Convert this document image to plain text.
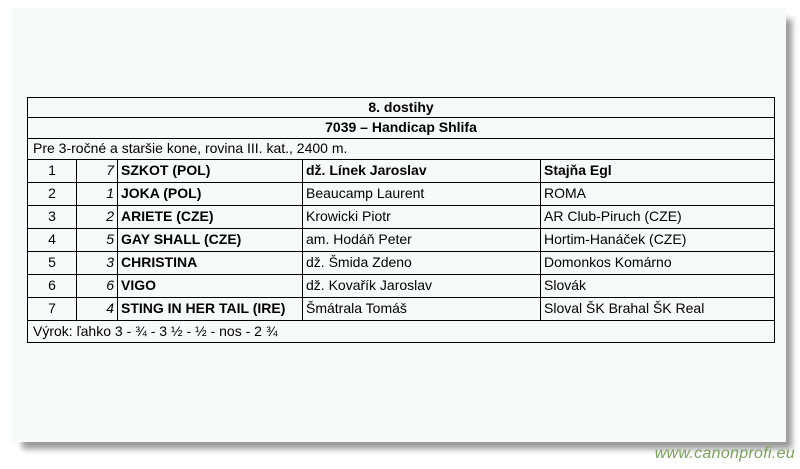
8. dostihy				
7039 – Handicap Shlifa				
Pre 3-ročné a staršie kone, rovina III. kat., 2400 m.				
1	7	SZKOT (POL)	dž. Línek Jaroslav	Stajňa Egl
2	1	JOKA (POL)	Beaucamp Laurent	ROMA
3	2	ARIETE (CZE)	Krowicki Piotr	AR Club-Piruch (CZE)
4	5	GAY SHALL (CZE)	am. Hodáň Peter	Hortim-Hanáček (CZE)
5	3	CHRISTINA	dž. Šmida Zdeno	Domonkos Komárno
6	6	VIGO	dž. Kovařík Jaroslav	Slovák
7	4	STING IN HER TAIL (IRE)	Šmátrala Tomáš	Sloval ŠK Brahal ŠK Real
Výrok: ľahko 3 - ¾ - 3 ½ - ½ - nos - 2 ¾				
www.canonprofi.eu
